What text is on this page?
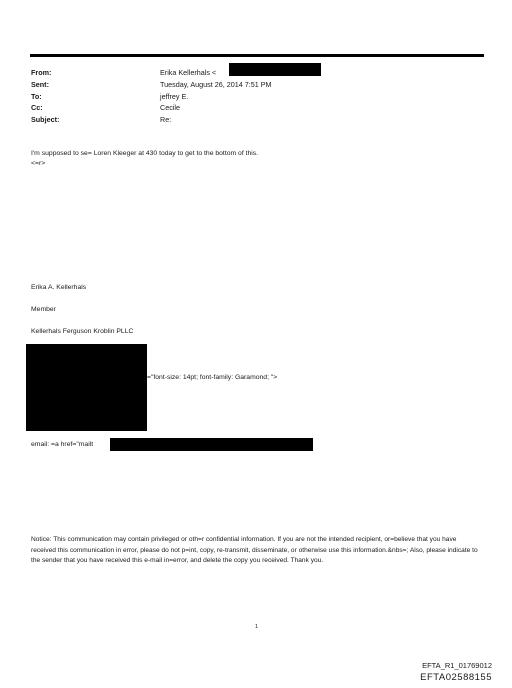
From:	Erika Kellerhals <
Sent:	Tuesday, August 26, 2014 7:51 PM
To:	jeffrey E.
Cc:	Cecile
Subject:	Re:
I'm supposed to se= Loren Kleeger at 430 today to get to the bottom of this.
<=r>
Erika A. Kellerhals
Member
Kellerhals Ferguson Kroblin PLLC
="font-size: 14pt; font-family: Garamond; ">
email: =a href="mailt
Notice: This communication may contain privileged or oth=r confidential information. If you are not the intended recipient, or=believe that you have received this communication in error, please do not p=int, copy, re-transmit, disseminate, or otherwise use this information.&nbs=; Also, please indicate to the sender that you have received this e-mail in=error, and delete the copy you received. Thank you.
1
EFTA_R1_01769012
EFTA02588155
